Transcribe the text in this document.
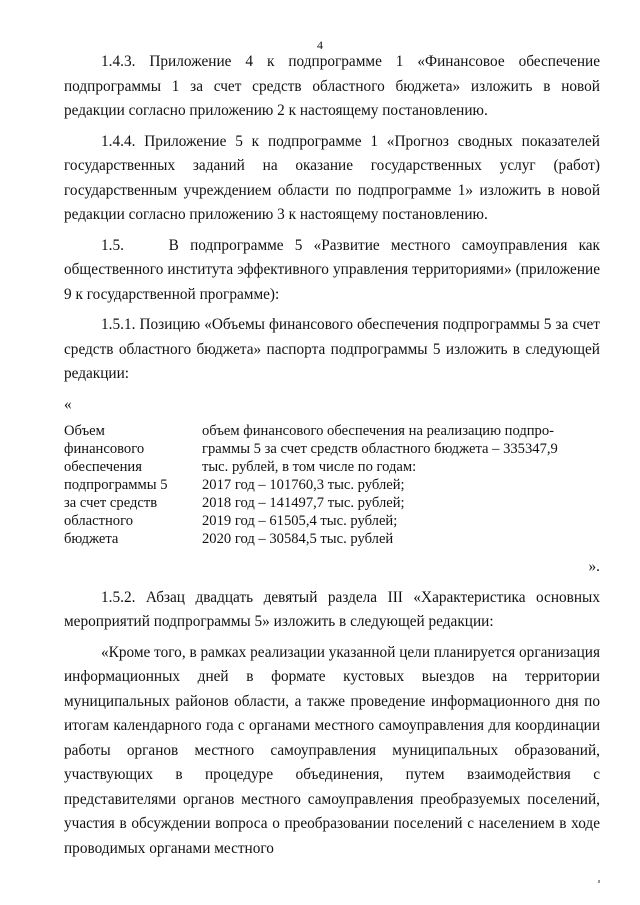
4

1.4.3. Приложение 4 к подпрограмме 1 «Финансовое обеспечение подпрограммы 1 за счет средств областного бюджета» изложить в новой редакции согласно приложению 2 к настоящему постановлению.

1.4.4. Приложение 5 к подпрограмме 1 «Прогноз сводных показателей государственных заданий на оказание государственных услуг (работ) государственным учреждением области по подпрограмме 1» изложить в новой редакции согласно приложению 3 к настоящему постановлению.

1.5.    В подпрограмме 5 «Развитие местного самоуправления как общественного института эффективного управления территориями» (приложение 9 к государственной программе):

1.5.1. Позицию «Объемы финансового обеспечения подпрограммы 5 за счет средств областного бюджета» паспорта подпрограммы 5 изложить в следующей редакции:

«
Объем
финансового
обеспечения
подпрограммы 5
за счет средств
областного
бюджета
объем финансового обеспечения на реализацию подпро-
граммы 5 за счет средств областного бюджета – 335347,9
тыс. рублей, в том числе по годам:
2017 год – 101760,3 тыс. рублей;
2018 год – 141497,7 тыс. рублей;
2019 год – 61505,4 тыс. рублей;
2020 год – 30584,5 тыс. рублей
».

1.5.2. Абзац двадцать девятый раздела III «Характеристика основных мероприятий подпрограммы 5» изложить в следующей редакции:

«Кроме того, в рамках реализации указанной цели планируется организация информационных дней в формате кустовых выездов на территории муниципальных районов области, а также проведение информационного дня по итогам календарного года с органами местного самоуправления для координации работы органов местного самоуправления муниципальных образований, участвующих в процедуре объединения, путем взаимодействия с представителями органов местного самоуправления преобразуемых поселений, участия в обсуждении вопроса о преобразовании поселений с населением в ходе проводимых органами местного
